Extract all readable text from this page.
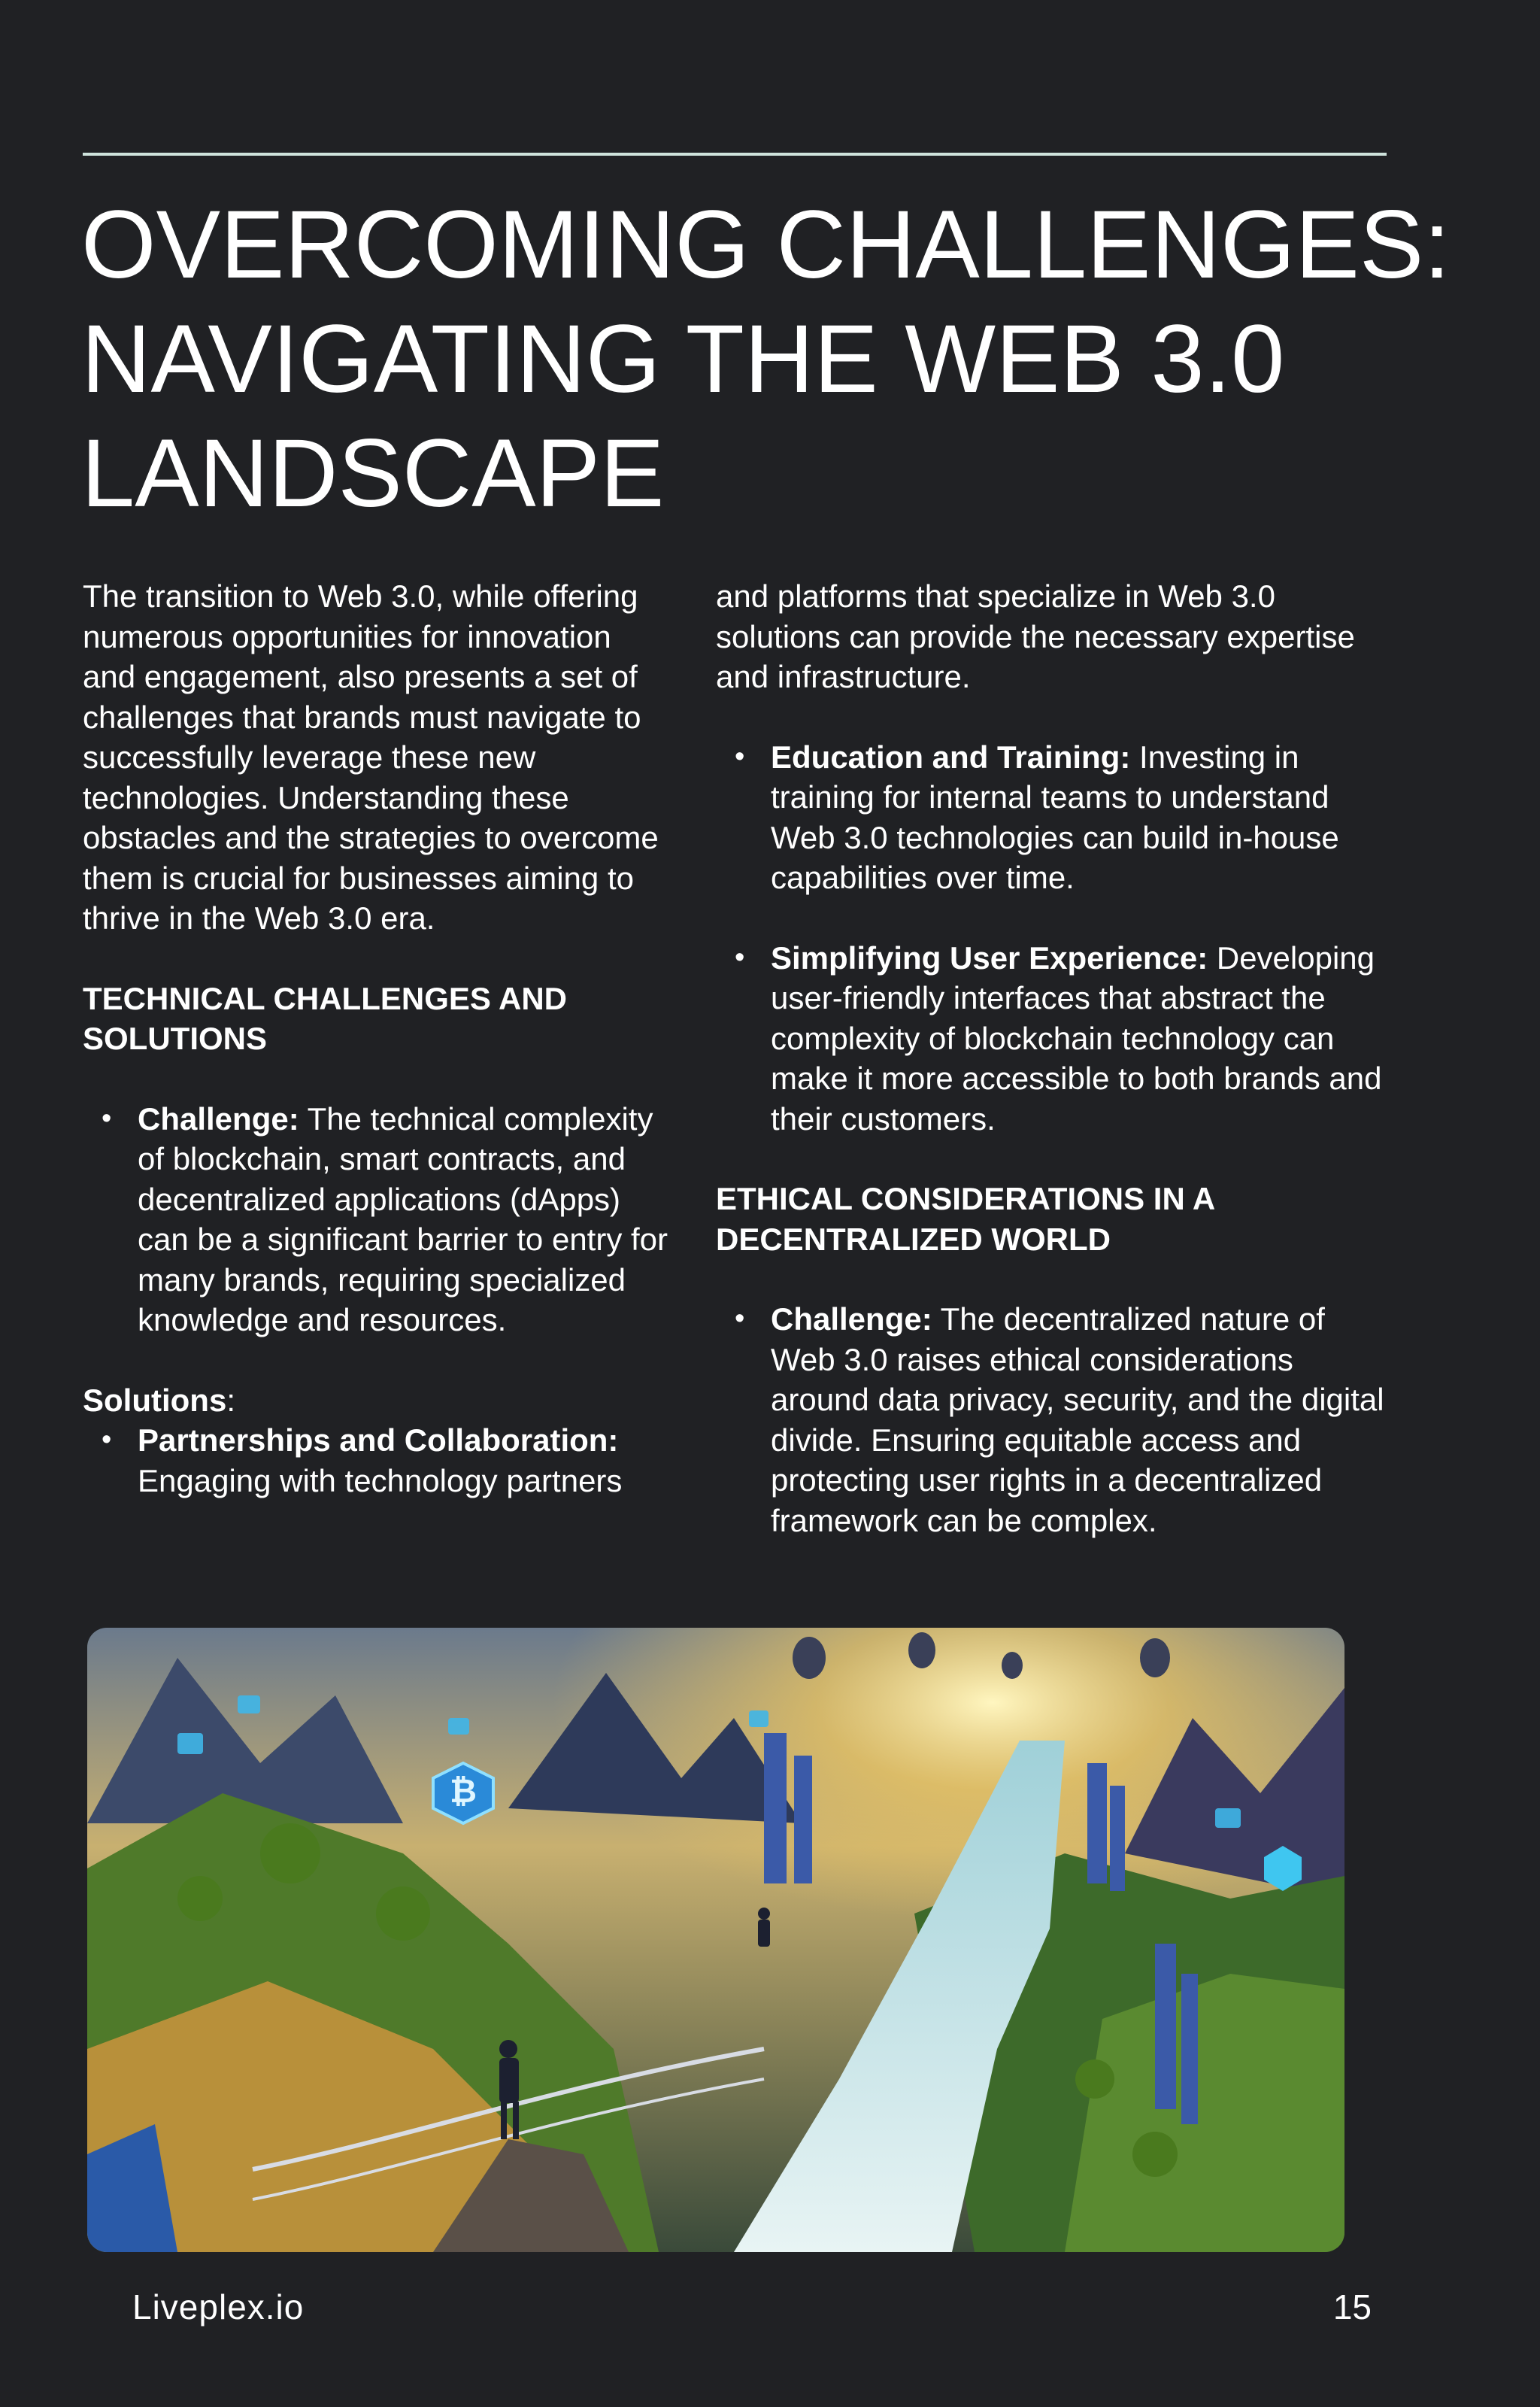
OVERCOMING CHALLENGES:
NAVIGATING THE WEB 3.0
LANDSCAPE

The transition to Web 3.0, while offering numerous opportunities for innovation and engagement, also presents a set of challenges that brands must navigate to successfully leverage these new technologies. Understanding these obstacles and the strategies to overcome them is crucial for businesses aiming to thrive in the Web 3.0 era.

TECHNICAL CHALLENGES AND SOLUTIONS

• Challenge: The technical complexity of blockchain, smart contracts, and decentralized applications (dApps) can be a significant barrier to entry for many brands, requiring specialized knowledge and resources.

Solutions:

• Partnerships and Collaboration: Engaging with technology partners

and platforms that specialize in Web 3.0 solutions can provide the necessary expertise and infrastructure.

• Education and Training: Investing in training for internal teams to understand Web 3.0 technologies can build in-house capabilities over time.
• Simplifying User Experience: Developing user-friendly interfaces that abstract the complexity of blockchain technology can make it more accessible to both brands and their customers.

ETHICAL CONSIDERATIONS IN A DECENTRALIZED WORLD

• Challenge: The decentralized nature of Web 3.0 raises ethical considerations around data privacy, security, and the digital divide. Ensuring equitable access and protecting user rights in a decentralized framework can be complex.
₿
Liveplex.io	15
